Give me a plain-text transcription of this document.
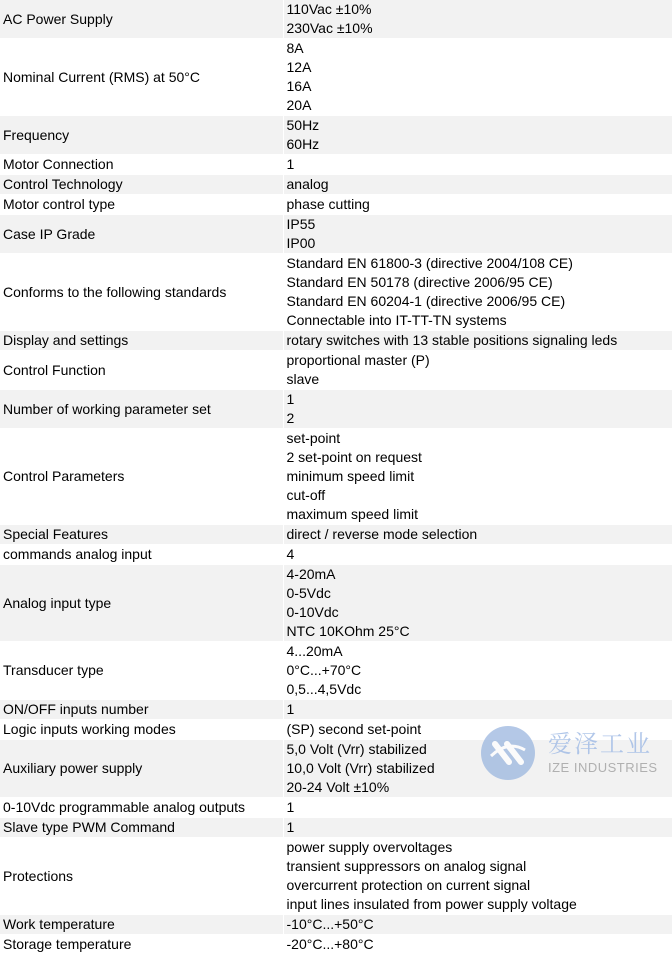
AC Power Supply	110Vac ±10%
230Vac ±10%

Nominal Current (RMS) at 50°C	8A
12A
16A
20A

Frequency	50Hz
60Hz

Motor Connection	1

Control Technology	analog

Motor control type	phase cutting

Case IP Grade	IP55
IP00

Conforms to the following standards	Standard EN 61800-3 (directive 2004/108 CE)
Standard EN 50178 (directive 2006/95 CE)
Standard EN 60204-1 (directive 2006/95 CE)
Connectable into IT-TT-TN systems

Display and settings	rotary switches with 13 stable positions signaling leds

Control Function	proportional master (P)
slave

Number of working parameter set	1
2

Control Parameters	set-point
2 set-point on request
minimum speed limit
cut-off
maximum speed limit

Special Features	direct / reverse mode selection

commands analog input	4

Analog input type	4-20mA
0-5Vdc
0-10Vdc
NTC 10KOhm 25°C

Transducer type	4...20mA
0°C...+70°C
0,5...4,5Vdc

ON/OFF inputs number	1

Logic inputs working modes	(SP) second set-point

Auxiliary power supply	5,0 Volt (Vrr) stabilized
10,0 Volt (Vrr) stabilized
20-24 Volt ±10%

0-10Vdc programmable analog outputs	1

Slave type PWM Command	1

Protections	power supply overvoltages
transient suppressors on analog signal
overcurrent protection on current signal
input lines insulated from power supply voltage

Work temperature	-10°C...+50°C

Storage temperature	-20°C...+80°C
爱泽工业
IZE INDUSTRIES
